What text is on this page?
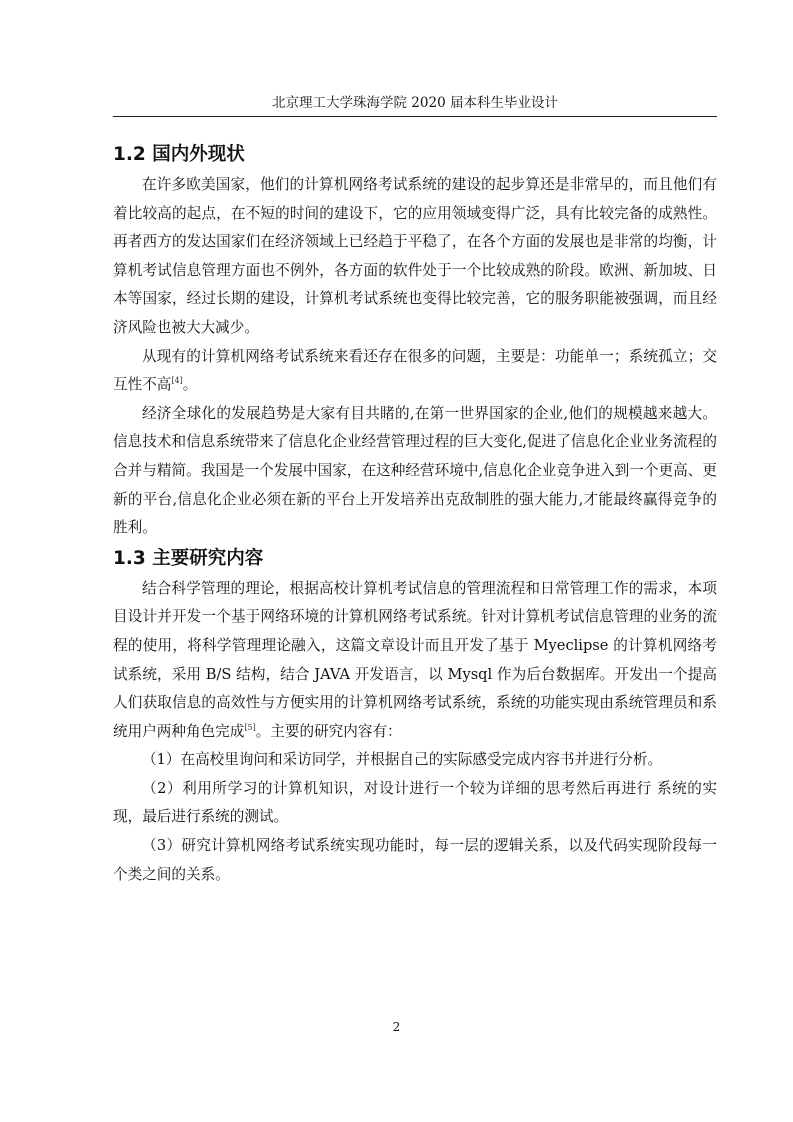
北京理工大学珠海学院 2020 届本科生毕业设计
1.2 国内外现状

在许多欧美国家，他们的计算机网络考试系统的建设的起步算还是非常早的，而且他们有着比较高的起点，在不短的时间的建设下，它的应用领域变得广泛，具有比较完备的成熟性。再者西方的发达国家们在经济领域上已经趋于平稳了，在各个方面的发展也是非常的均衡，计算机考试信息管理方面也不例外，各方面的软件处于一个比较成熟的阶段。欧洲、新加坡、日本等国家，经过长期的建设，计算机考试系统也变得比较完善，它的服务职能被强调，而且经济风险也被大大减少。

从现有的计算机网络考试系统来看还存在很多的问题，主要是：功能单一；系统孤立；交互性不高[4]。

经济全球化的发展趋势是大家有目共睹的,在第一世界国家的企业,他们的规模越来越大。信息技术和信息系统带来了信息化企业经营管理过程的巨大变化,促进了信息化企业业务流程的合并与精简。我国是一个发展中国家，在这种经营环境中,信息化企业竞争进入到一个更高、更新的平台,信息化企业必须在新的平台上开发培养出克敌制胜的强大能力,才能最终赢得竞争的胜利。

1.3 主要研究内容

结合科学管理的理论，根据高校计算机考试信息的管理流程和日常管理工作的需求，本项目设计并开发一个基于网络环境的计算机网络考试系统。针对计算机考试信息管理的业务的流程的使用，将科学管理理论融入，这篇文章设计而且开发了基于 Myeclipse 的计算机网络考试系统，采用 B/S 结构，结合 JAVA 开发语言，以 Mysql 作为后台数据库。开发出一个提高人们获取信息的高效性与方便实用的计算机网络考试系统，系统的功能实现由系统管理员和系统用户两种角色完成[5]。主要的研究内容有：

（1）在高校里询问和采访同学，并根据自己的实际感受完成内容书并进行分析。

（2）利用所学习的计算机知识，对设计进行一个较为详细的思考然后再进行 系统的实现，最后进行系统的测试。

（3）研究计算机网络考试系统实现功能时，每一层的逻辑关系，以及代码实现阶段每一个类之间的关系。

2
